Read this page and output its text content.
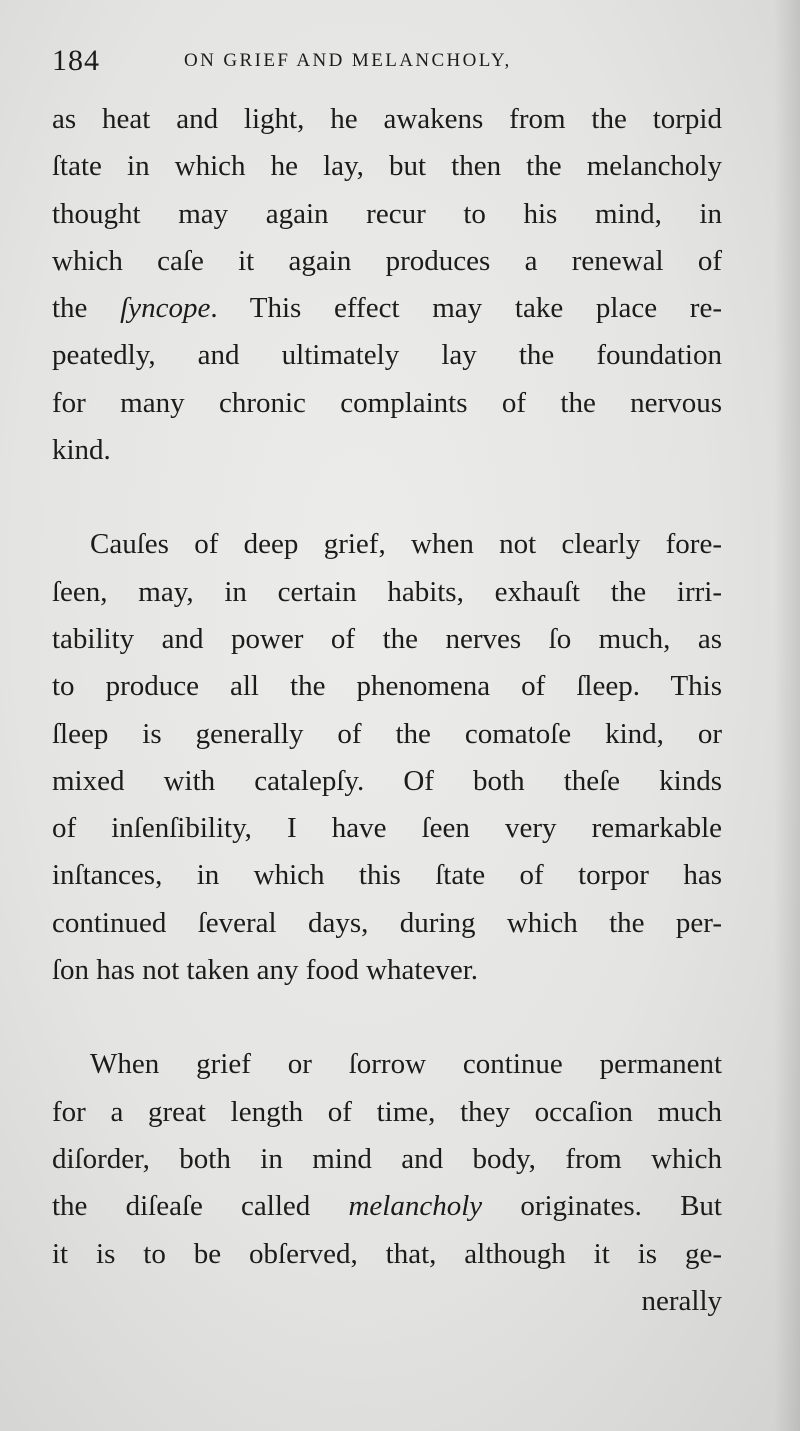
184	ON GRIEF AND MELANCHOLY,
as heat and light, he awakens from the torpid
ſtate in which he lay, but then the melancholy
thought may again recur to his mind, in
which caſe it again produces a renewal of
the ſyncope. This effect may take place re-
peatedly, and ultimately lay the foundation
for many chronic complaints of the nervous
kind.
Cauſes of deep grief, when not clearly fore-
ſeen, may, in certain habits, exhauſt the irri-
tability and power of the nerves ſo much, as
to produce all the phenomena of ſleep. This
ſleep is generally of the comatoſe kind, or
mixed with catalepſy. Of both theſe kinds
of inſenſibility, I have ſeen very remarkable
inſtances, in which this ſtate of torpor has
continued ſeveral days, during which the per-
ſon has not taken any food whatever.
When grief or ſorrow continue permanent
for a great length of time, they occaſion much
diſorder, both in mind and body, from which
the diſeaſe called melancholy originates. But
it is to be obſerved, that, although it is ge-
nerally
